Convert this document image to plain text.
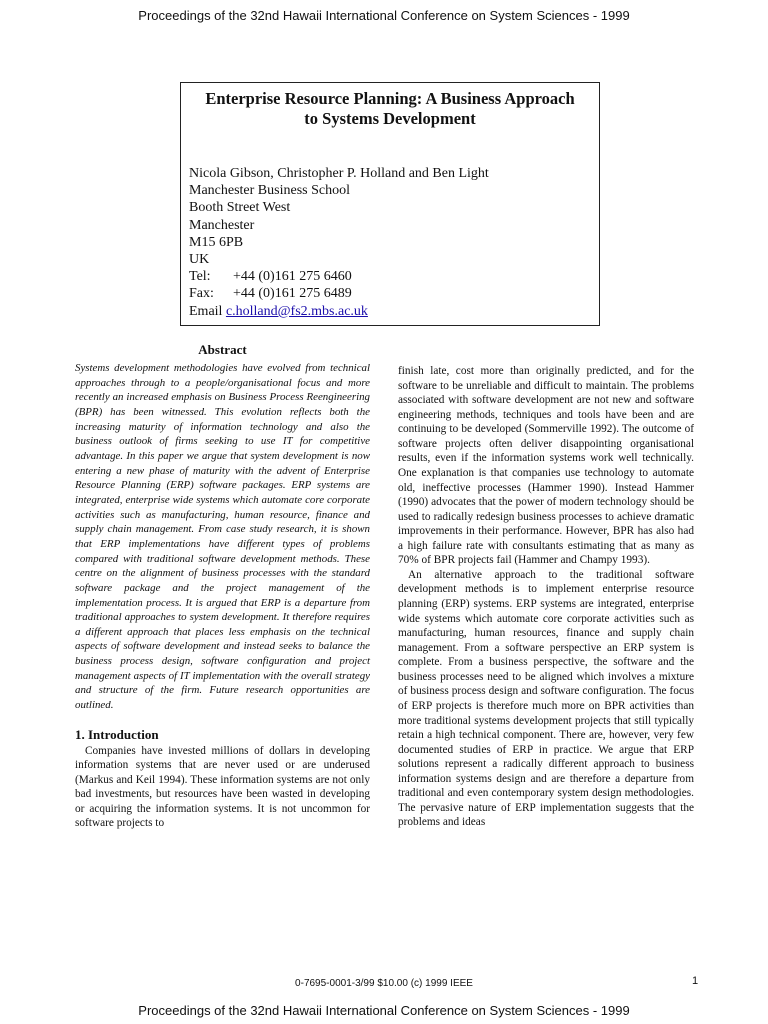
Proceedings of the 32nd Hawaii International Conference on System Sciences - 1999
Enterprise Resource Planning: A Business Approach
to Systems Development
Nicola Gibson, Christopher P. Holland and Ben Light
Manchester Business School
Booth Street West
Manchester
M15 6PB
UK
Tel: +44 (0)161 275 6460
Fax: +44 (0)161 275 6489
Email c.holland@fs2.mbs.ac.uk
Abstract

Systems development methodologies have evolved from technical approaches through to a people/organisational focus and more recently an increased emphasis on Business Process Reengineering (BPR) has been witnessed. This evolution reflects both the increasing maturity of information technology and also the business outlook of firms seeking to use IT for competitive advantage. In this paper we argue that system development is now entering a new phase of maturity with the advent of Enterprise Resource Planning (ERP) software packages. ERP systems are integrated, enterprise wide systems which automate core corporate activities such as manufacturing, human resource, finance and supply chain management. From case study research, it is shown that ERP implementations have different types of problems compared with traditional software development methods. These centre on the alignment of business processes with the standard software package and the project management of the implementation process. It is argued that ERP is a departure from traditional approaches to system development. It therefore requires a different approach that places less emphasis on the technical aspects of software development and instead seeks to balance the business process design, software configuration and project management aspects of IT implementation with the overall strategy and structure of the firm. Future research opportunities are outlined.

1. Introduction

Companies have invested millions of dollars in developing information systems that are never used or are underused (Markus and Keil 1994). These information systems are not only bad investments, but resources have been wasted in developing or acquiring the information systems. It is not uncommon for software projects to

finish late, cost more than originally predicted, and for the software to be unreliable and difficult to maintain. The problems associated with software development are not new and software engineering methods, techniques and tools have been and are continuing to be developed (Sommerville 1992). The outcome of software projects often deliver disappointing organisational results, even if the information systems work well technically. One explanation is that companies use technology to automate old, ineffective processes (Hammer 1990). Instead Hammer (1990) advocates that the power of modern technology should be used to radically redesign business processes to achieve dramatic improvements in their performance. However, BPR has also had a high failure rate with consultants estimating that as many as 70% of BPR projects fail (Hammer and Champy 1993).

An alternative approach to the traditional software development methods is to implement enterprise resource planning (ERP) systems. ERP systems are integrated, enterprise wide systems which automate core corporate activities such as manufacturing, human resources, finance and supply chain management. From a software perspective an ERP system is complete. From a business perspective, the software and the business processes need to be aligned which involves a mixture of business process design and software configuration. The focus of ERP projects is therefore much more on BPR activities than more traditional systems development projects that still typically retain a high technical component. There are, however, very few documented studies of ERP in practice. We argue that ERP solutions represent a radically different approach to business information systems design and are therefore a departure from traditional and even contemporary system design methodologies. The pervasive nature of ERP implementation suggests that the problems and ideas

0-7695-0001-3/99 $10.00 (c) 1999 IEEE	1
Proceedings of the 32nd Hawaii International Conference on System Sciences - 1999
